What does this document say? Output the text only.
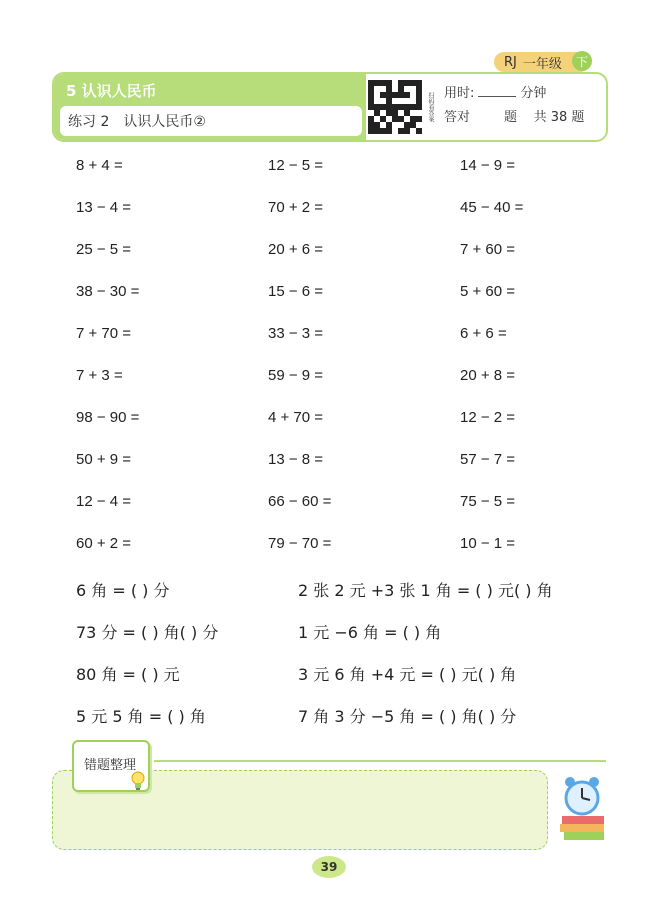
RJ 一年级	下
5 认识人民币
练习 2 认识人民币②	扫码看答案 用时:	分钟
答对	题 共 38 题
8 + 4 =	12 − 5 =	14 − 9 =
13 − 4 =	70 + 2 =	45 − 40 =
25 − 5 =	20 + 6 =	7 + 60 =
38 − 30 =	15 − 6 =	5 + 60 =
7 + 70 =	33 − 3 =	6 + 6 =
7 + 3 =	59 − 9 =	20 + 8 =
98 − 90 =	4 + 70 =	12 − 2 =
50 + 9 =	13 − 8 =	57 − 7 =
12 − 4 =	66 − 60 =	75 − 5 =
60 + 2 =	79 − 70 =	10 − 1 =
6 角 = ( ) 分	2 张 2 元 +3 张 1 角 = ( ) 元( ) 角
73 分 = ( ) 角( ) 分	1 元 −6 角 = ( ) 角
80 角 = ( ) 元	3 元 6 角 +4 元 = ( ) 元( ) 角
5 元 5 角 = ( ) 角	7 角 3 分 −5 角 = ( ) 角( ) 分
错题整理
39
